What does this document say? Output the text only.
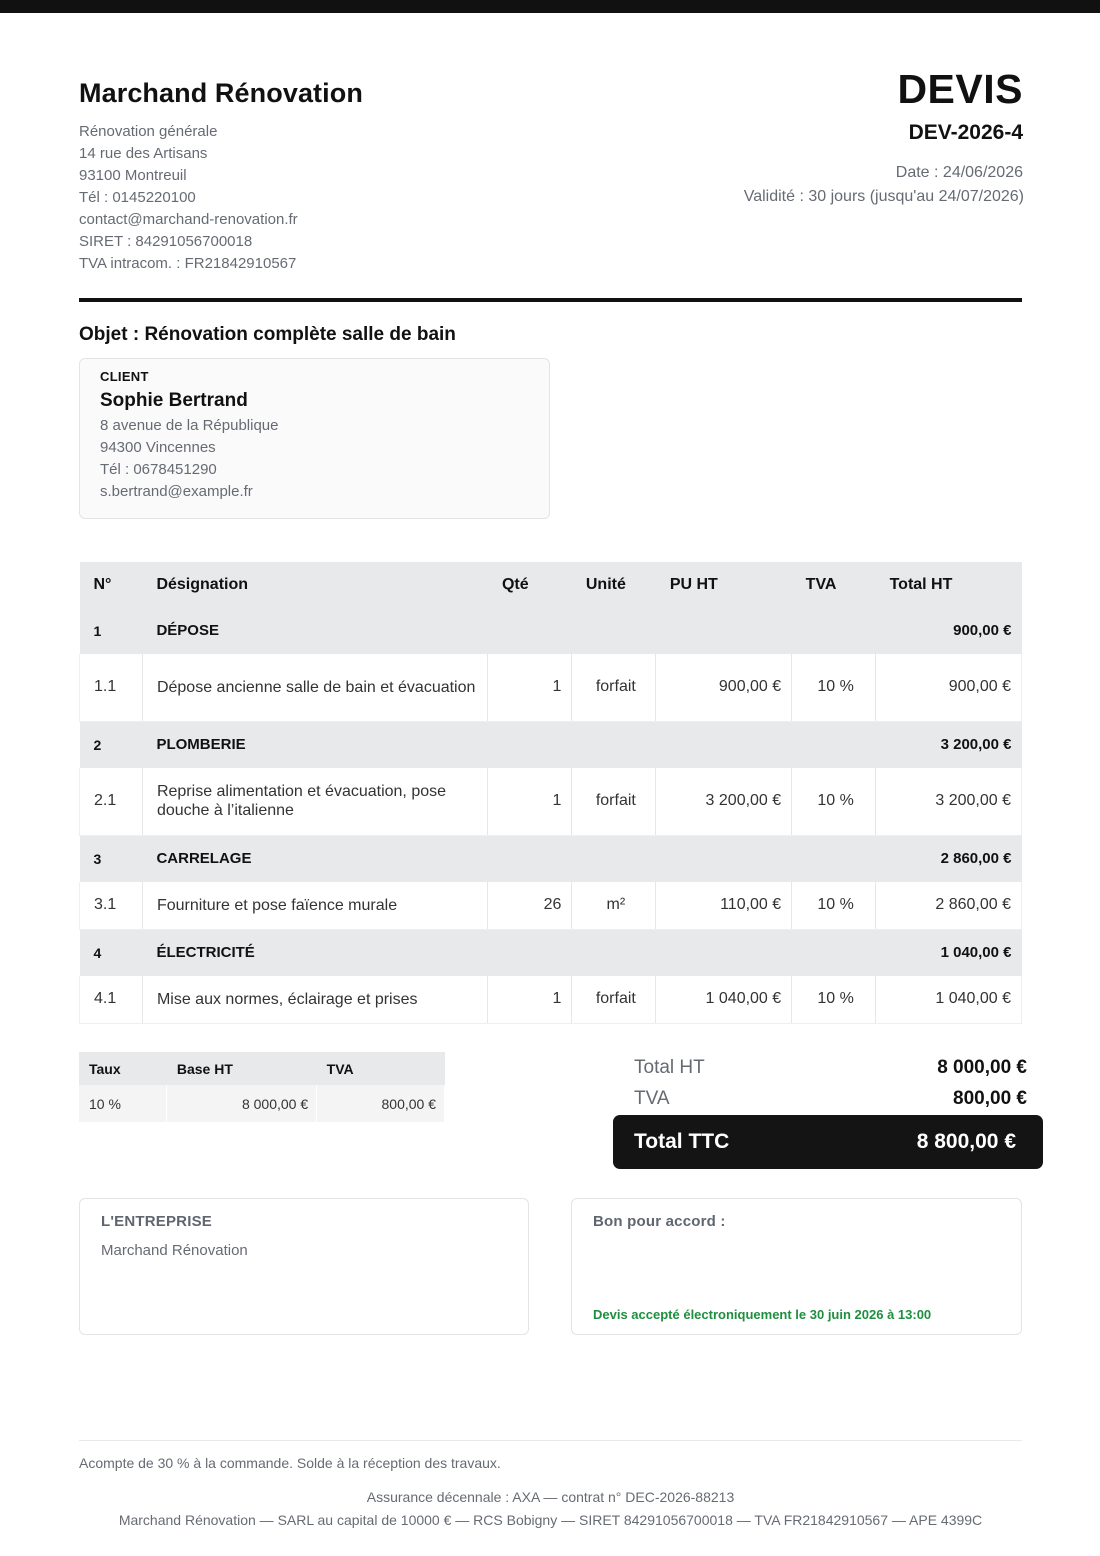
Marchand Rénovation
Rénovation générale
14 rue des Artisans
93100 Montreuil
Tél : 0145220100
contact@marchand-renovation.fr
SIRET : 84291056700018
TVA intracom. : FR21842910567
DEVIS
DEV-2026-4
Date : 24/06/2026
Validité : 30 jours (jusqu'au 24/07/2026)
Objet : Rénovation complète salle de bain
CLIENT
Sophie Bertrand
8 avenue de la République
94300 Vincennes
Tél : 0678451290
s.bertrand@example.fr
N°	Désignation	Qté	Unité	PU HT	TVA	Total HT
1	DÉPOSE					900,00 €
1.1	Dépose ancienne salle de bain et évacuation	1	forfait	900,00 €	10 %	900,00 €
2	PLOMBERIE					3 200,00 €
2.1	Reprise alimentation et évacuation, pose douche à l’italienne	1	forfait	3 200,00 €	10 %	3 200,00 €
3	CARRELAGE					2 860,00 €
3.1	Fourniture et pose faïence murale	26	m²	110,00 €	10 %	2 860,00 €
4	ÉLECTRICITÉ					1 040,00 €
4.1	Mise aux normes, éclairage et prises	1	forfait	1 040,00 €	10 %	1 040,00 €
Taux	Base HT	TVA
10 %	8 000,00 €	800,00 €
Total HT	8 000,00 €
TVA	800,00 €
Total TTC	8 800,00 €
L'ENTREPRISE
Marchand Rénovation
Bon pour accord :
Devis accepté électroniquement le 30 juin 2026 à 13:00
Acompte de 30 % à la commande. Solde à la réception des travaux.
Assurance décennale : AXA — contrat n° DEC-2026-88213
Marchand Rénovation — SARL au capital de 10000 € — RCS Bobigny — SIRET 84291056700018 — TVA FR21842910567 — APE 4399C
